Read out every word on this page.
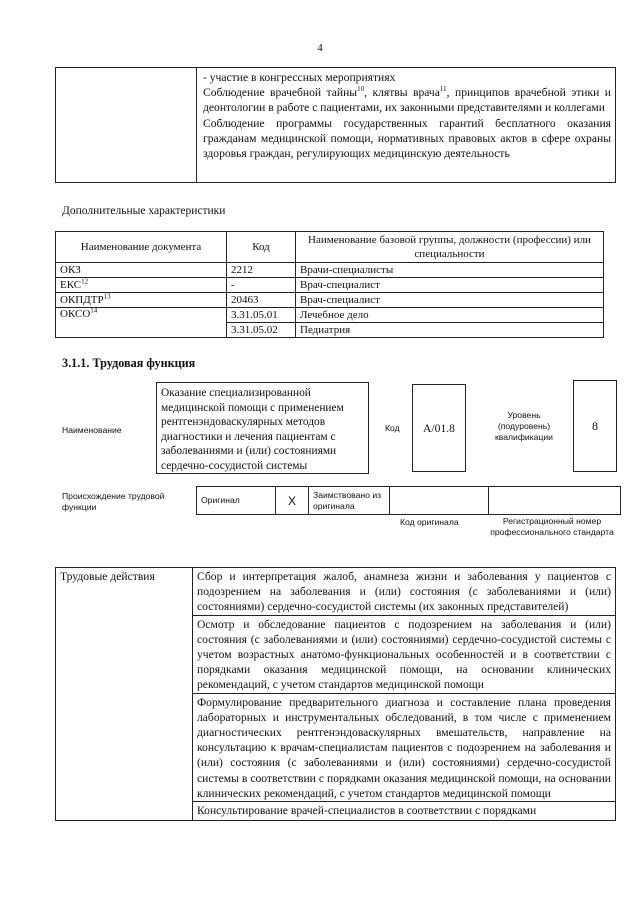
4

- участие в конгрессных мероприятиях

Соблюдение врачебной тайны$^{10}$, клятвы врача$^{11}$, принципов врачебной этики и деонтологии в работе с пациентами, их законными представителями и коллегами

Соблюдение программы государственных гарантий бесплатного оказания гражданам медицинской помощи, нормативных правовых актов в сфере охраны здоровья граждан, регулирующих медицинскую деятельность

Дополнительные характеристики
Наименование документа	Код	Наименование базовой группы, должности (профессии) или специальности
ОКЗ	2212	Врачи-специалисты
ЕКС$^{12}$	-	Врач-специалист
ОКПДТР$^{13}$	20463	Врач-специалист
ОКСО$^{14}$	3.31.05.01	Лечебное дело
	3.31.05.02	Педиатрия
3.1.1. Трудовая функция
Наименование
Оказание специализированной медицинской помощи с применением рентгенэндоваскулярных методов диагностики и лечения пациентам с заболеваниями и (или) состояниями сердечно-сосудистой системы
Код	А/01.8
Уровень (подуровень) квалификации
8
Происхождение трудовой функции
Оригинал	X	Заимствовано из оригинала		
Код оригинала	Регистрационный номер профессионального стандарта
Трудовые действия	Сбор и интерпретация жалоб, анамнеза жизни и заболевания у пациентов с подозрением на заболевания и (или) состояния (с заболеваниями и (или) состояниями) сердечно-сосудистой системы (их законных представителей)
Осмотр и обследование пациентов с подозрением на заболевания и (или) состояния (с заболеваниями и (или) состояниями) сердечно-сосудистой системы с учетом возрастных анатомо-функциональных особенностей и в соответствии с порядками оказания медицинской помощи, на основании клинических рекомендаций, с учетом стандартов медицинской помощи
Формулирование предварительного диагноза и составление плана проведения лабораторных и инструментальных обследований, в том числе с применением диагностических рентгенэндоваскулярных вмешательств, направление на консультацию к врачам-специалистам пациентов с подозрением на заболевания и (или) состояния (с заболеваниями и (или) состояниями) сердечно-сосудистой системы в соответствии с порядками оказания медицинской помощи, на основании клинических рекомендаций, с учетом стандартов медицинской помощи
Консультирование врачей-специалистов в соответствии с порядками
